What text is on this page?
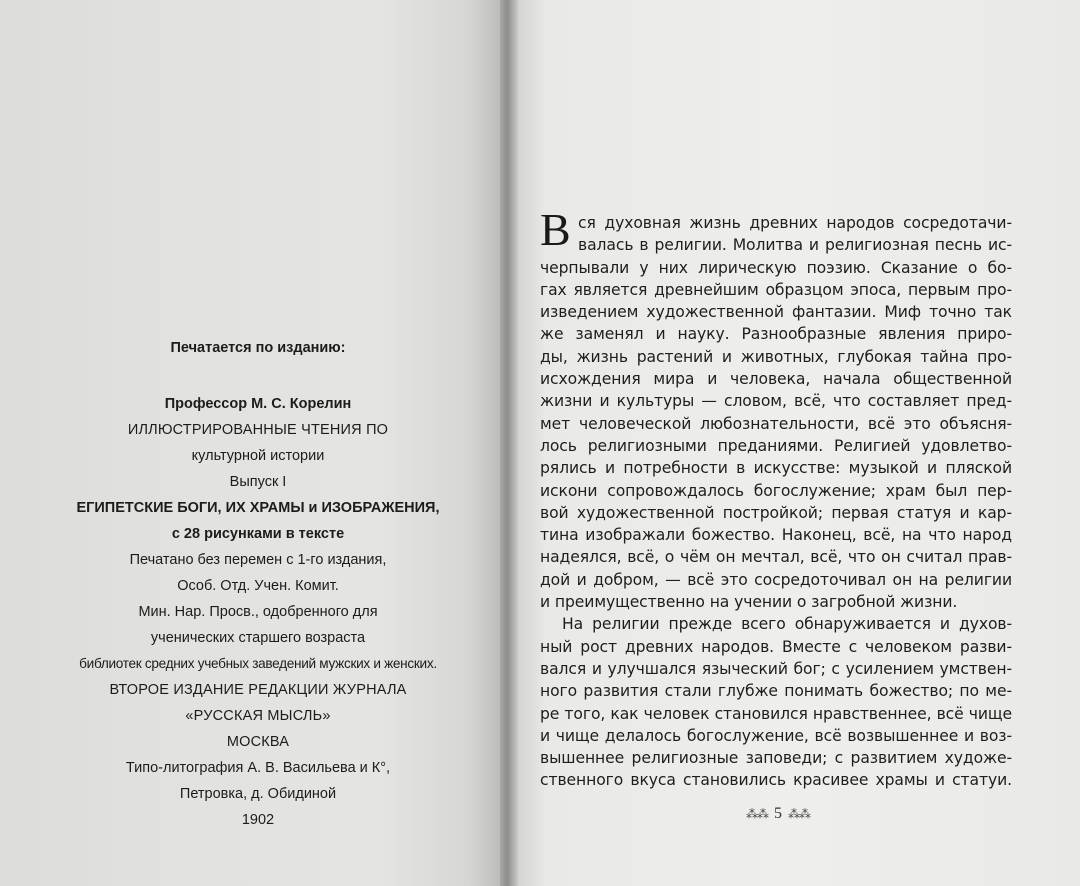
Печатается по изданию:
Профессор М. С. Корелин
ИЛЛЮСТРИРОВАННЫЕ ЧТЕНИЯ ПО
культурной истории
Выпуск I
ЕГИПЕТСКИЕ БОГИ, ИХ ХРАМЫ и ИЗОБРАЖЕНИЯ,
с 28 рисунками в тексте
Печатано без перемен с 1-го издания,
Особ. Отд. Учен. Комит.
Мин. Нар. Просв., одобренного для
ученических старшего возраста
библиотек средних учебных заведений мужских и женских.
ВТОРОЕ ИЗДАНИЕ РЕДАКЦИИ ЖУРНАЛА
«РУССКАЯ МЫСЛЬ»
МОСКВА
Типо-литография А. В. Васильева и К°,
Петровка, д. Обидиной
1902
В ся духовная жизнь древних народов сосредотачи-
валась в религии. Молитва и религиозная песнь ис-
черпывали у них лирическую поэзию. Сказание о бо-
гах является древнейшим образцом эпоса, первым про-
изведением художественной фантазии. Миф точно так
же заменял и науку. Разнообразные явления приро-
ды, жизнь растений и животных, глубокая тайна про-
исхождения мира и человека, начала общественной
жизни и культуры — словом, всё, что составляет пред-
мет человеческой любознательности, всё это объясня-
лось религиозными преданиями. Религией удовлетво-
рялись и потребности в искусстве: музыкой и пляской
искони сопровождалось богослужение; храм был пер-
вой художественной постройкой; первая статуя и кар-
тина изображали божество. Наконец, всё, на что народ
надеялся, всё, о чём он мечтал, всё, что он считал прав-
дой и добром, — всё это сосредоточивал он на религии
и преимущественно на учении о загробной жизни.
На религии прежде всего обнаруживается и духов-
ный рост древних народов. Вместе с человеком разви-
вался и улучшался языческий бог; с усилением умствен-
ного развития стали глубже понимать божество; по ме-
ре того, как человек становился нравственнее, всё чище
и чище делалось богослужение, всё возвышеннее и воз-
вышеннее религиозные заповеди; с развитием художе-
ственного вкуса становились красивее храмы и статуи.
⁂⁂ 5 ⁂⁂
